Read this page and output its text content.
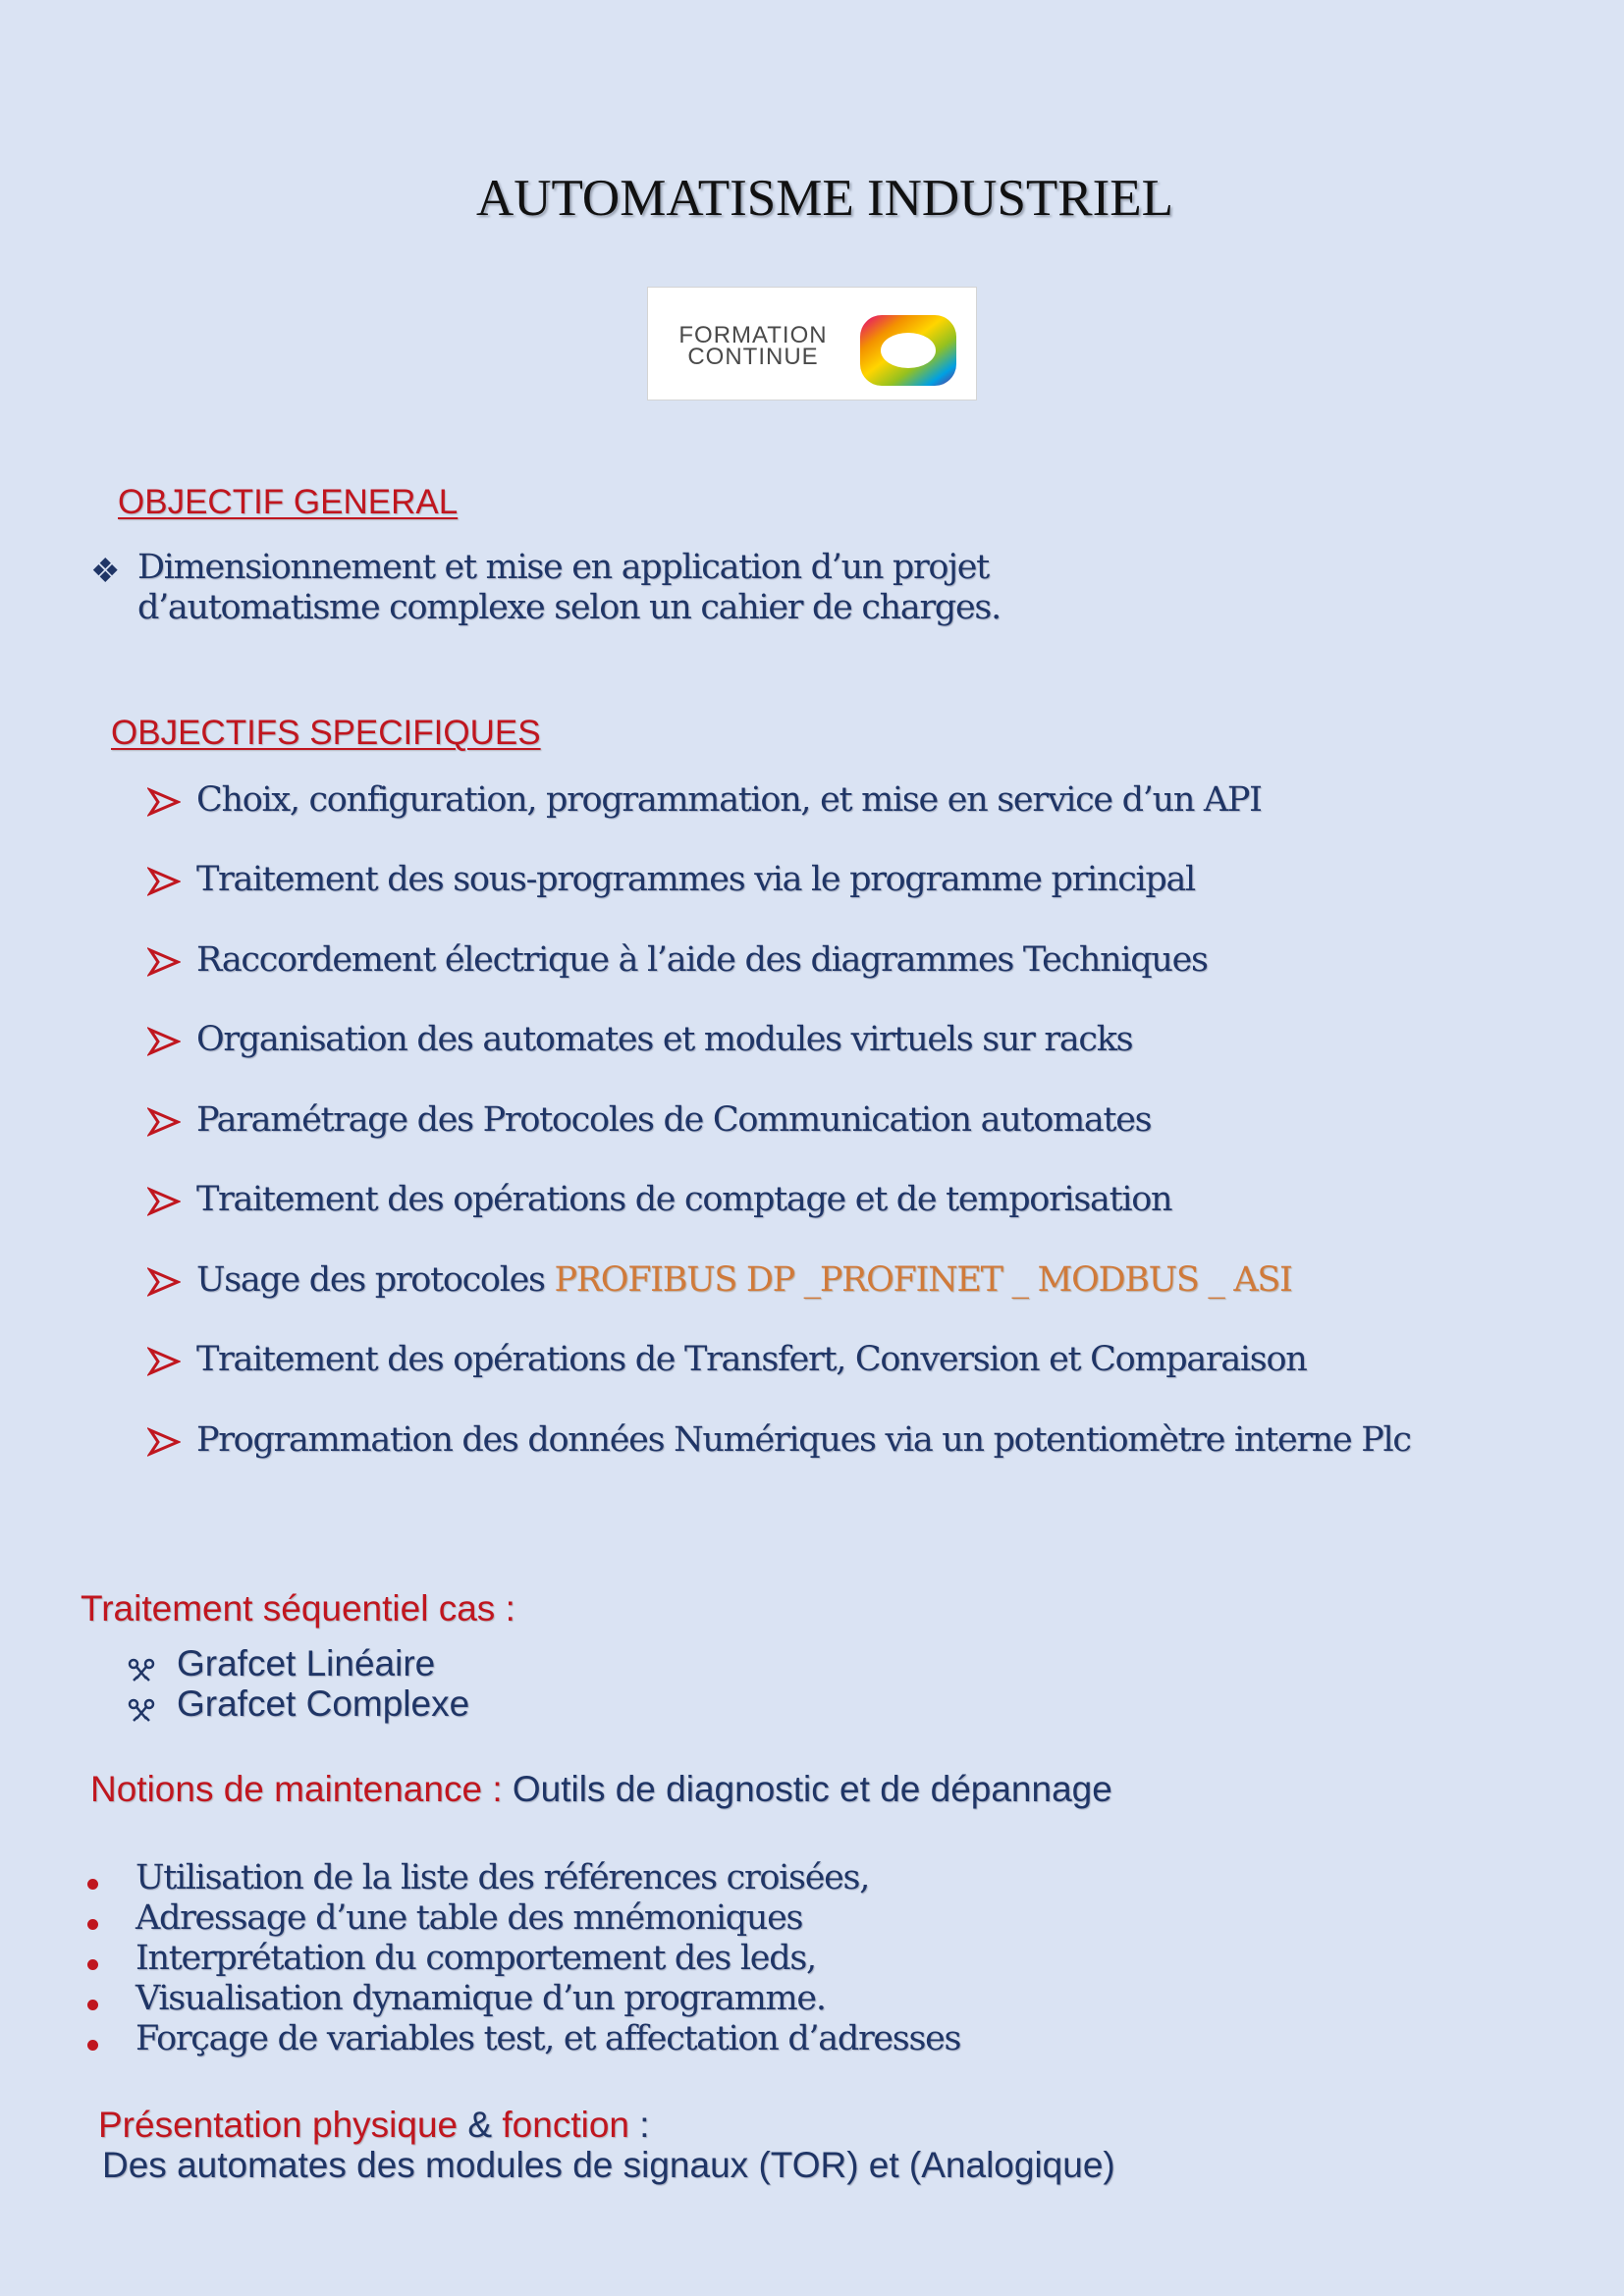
AUTOMATISME INDUSTRIEL
FORMATION
CONTINUE
OBJECTIF GENERAL
❖ Dimensionnement et mise en application d’un projet
d’automatisme complexe selon un cahier de charges.
OBJECTIFS SPECIFIQUES
Choix, configuration, programmation, et mise en service d’un API
Traitement des sous-programmes via le programme principal
Raccordement électrique à l’aide des diagrammes Techniques
Organisation des automates et modules virtuels sur racks
Paramétrage des Protocoles de Communication automates
Traitement des opérations de comptage et de temporisation
Usage des protocoles PROFIBUS DP _PROFINET _ MODBUS _ ASI
Traitement des opérations de Transfert, Conversion et Comparaison
Programmation des données Numériques via un potentiomètre interne Plc
Traitement séquentiel cas :
Grafcet Linéaire
Grafcet Complexe
Notions de maintenance : Outils de diagnostic et de dépannage
Utilisation de la liste des références croisées,
Adressage d’une table des mnémoniques
Interprétation du comportement des leds,
Visualisation dynamique d’un programme.
Forçage de variables test, et affectation d’adresses
Présentation physique & fonction :
Des automates des modules de signaux (TOR) et (Analogique)
